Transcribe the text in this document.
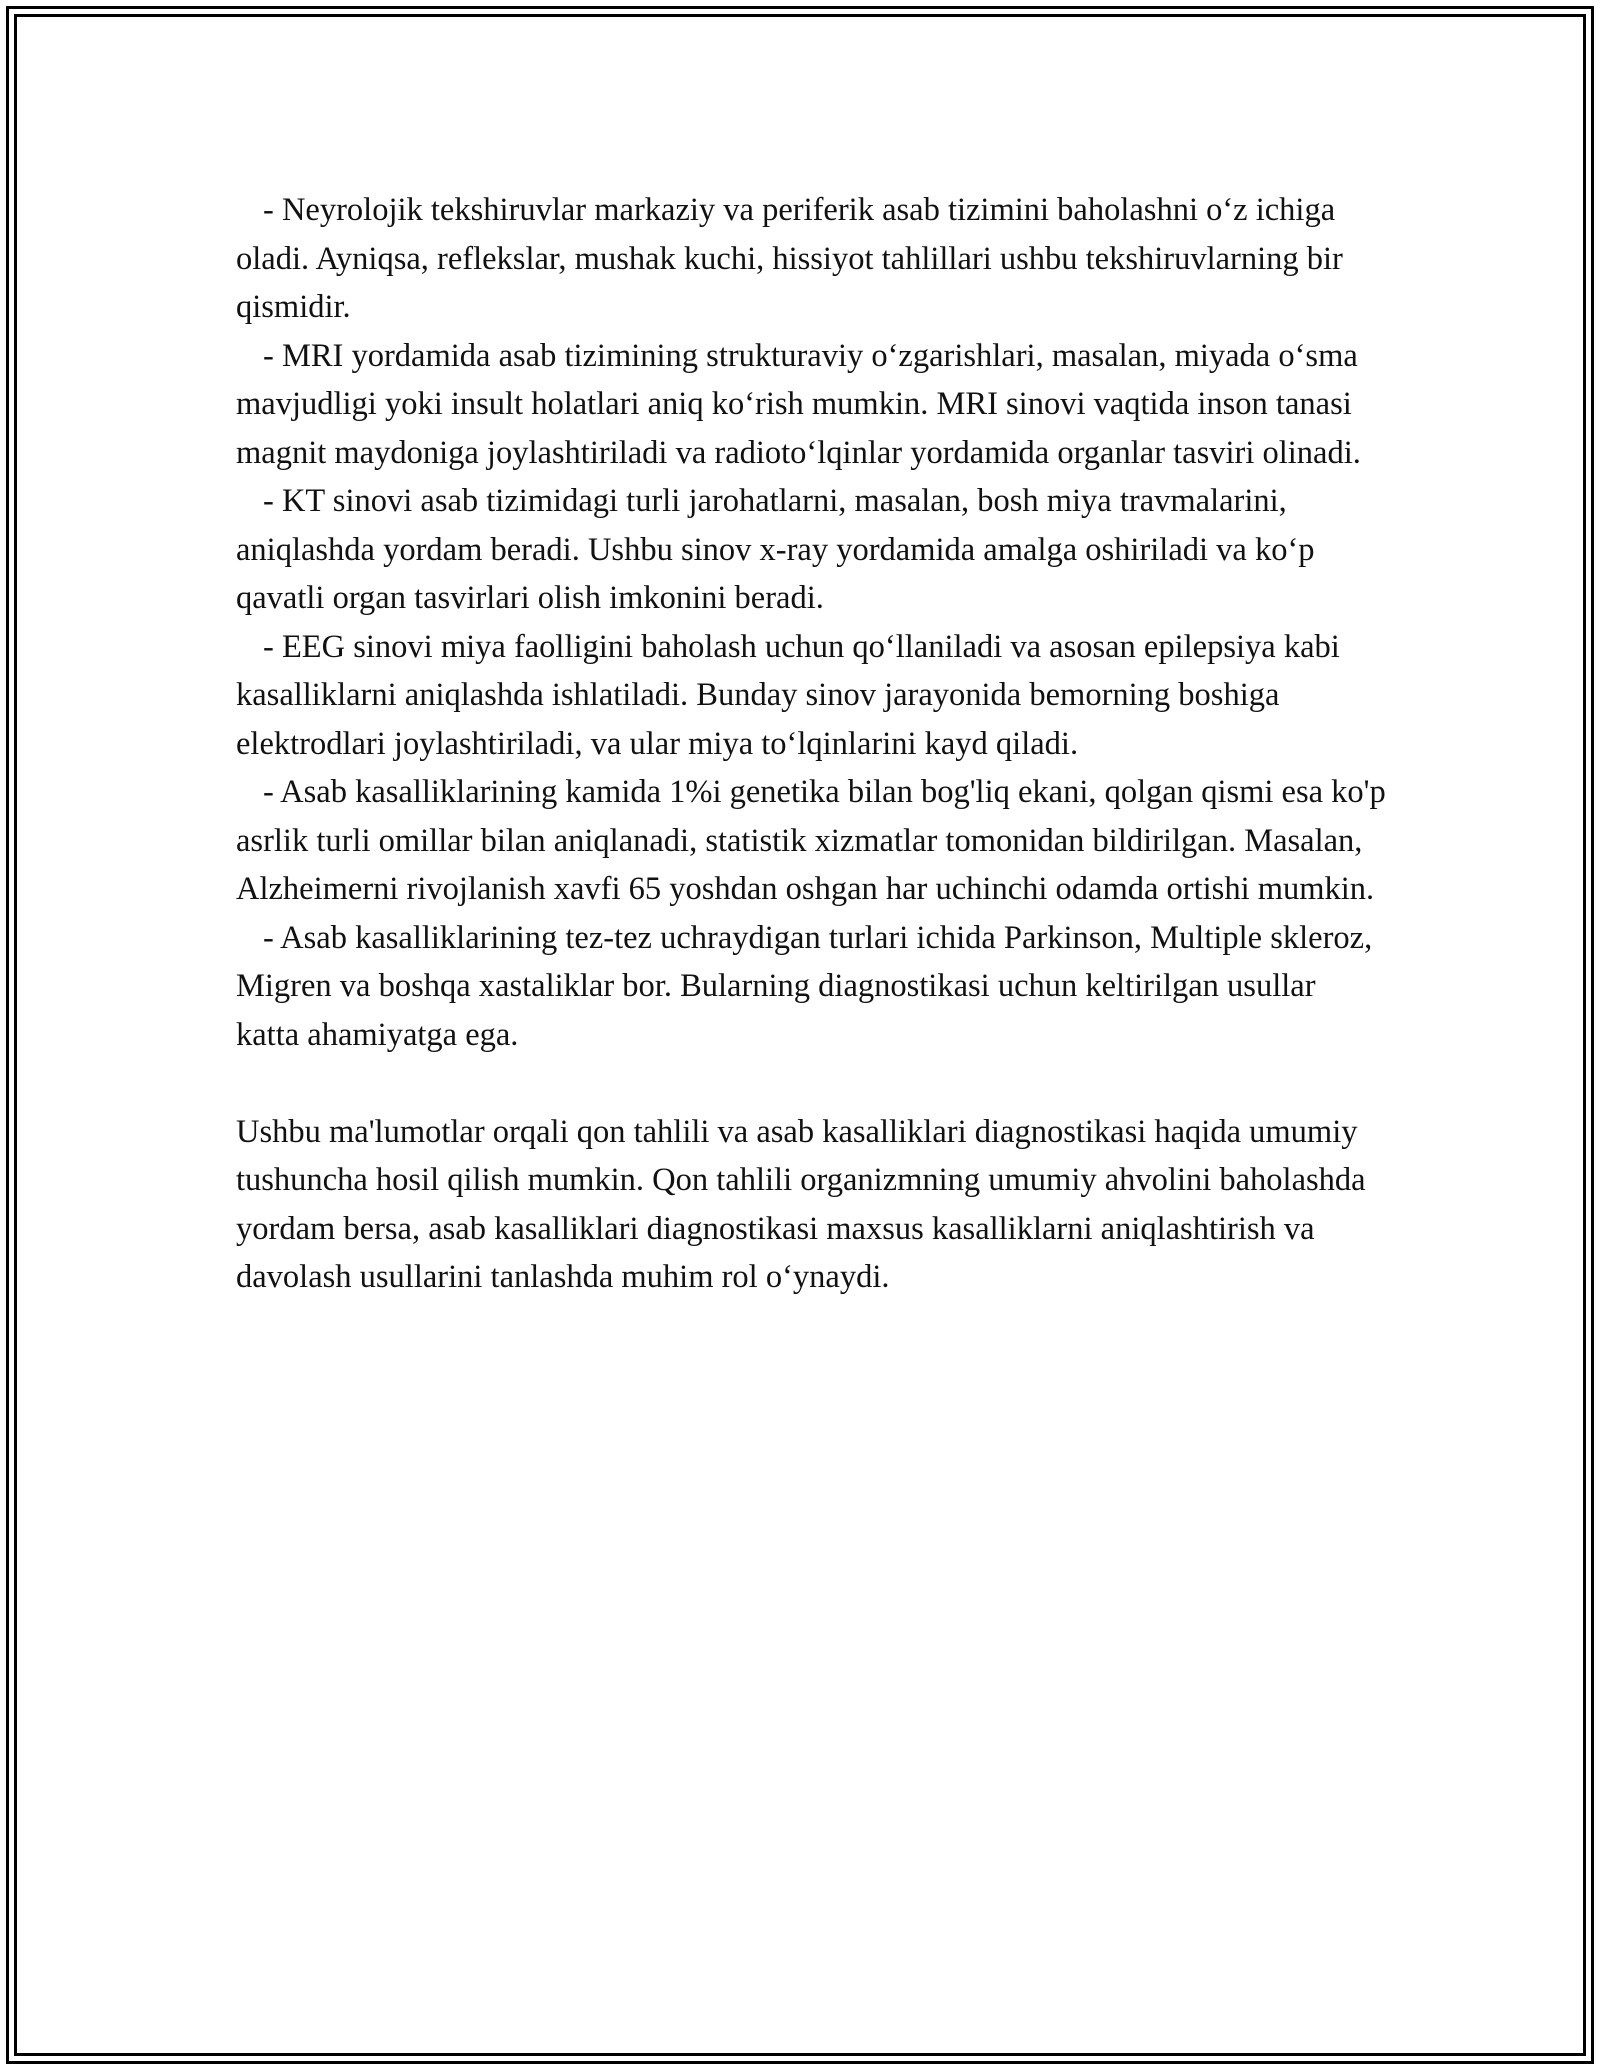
- Neyrolojik tekshiruvlar markaziy va periferik asab tizimini baholashni o‘z ichiga oladi. Ayniqsa, reflekslar, mushak kuchi, hissiyot tahlillari ushbu tekshiruvlarning bir qismidir.

- MRI yordamida asab tizimining strukturaviy o‘zgarishlari, masalan, miyada o‘sma mavjudligi yoki insult holatlari aniq ko‘rish mumkin. MRI sinovi vaqtida inson tanasi magnit maydoniga joylashtiriladi va radioto‘lqinlar yordamida organlar tasviri olinadi.

- KT sinovi asab tizimidagi turli jarohatlarni, masalan, bosh miya travmalarini, aniqlashda yordam beradi. Ushbu sinov x-ray yordamida amalga oshiriladi va ko‘p qavatli organ tasvirlari olish imkonini beradi.

- EEG sinovi miya faolligini baholash uchun qo‘llaniladi va asosan epilepsiya kabi kasalliklarni aniqlashda ishlatiladi. Bunday sinov jarayonida bemorning boshiga elektrodlari joylashtiriladi, va ular miya to‘lqinlarini kayd qiladi.

- Asab kasalliklarining kamida 1%i genetika bilan bog'liq ekani, qolgan qismi esa ko'p asrlik turli omillar bilan aniqlanadi, statistik xizmatlar tomonidan bildirilgan. Masalan, Alzheimerni rivojlanish xavfi 65 yoshdan oshgan har uchinchi odamda ortishi mumkin.

- Asab kasalliklarining tez-tez uchraydigan turlari ichida Parkinson, Multiple skleroz, Migren va boshqa xastaliklar bor. Bularning diagnostikasi uchun keltirilgan usullar katta ahamiyatga ega.

Ushbu ma'lumotlar orqali qon tahlili va asab kasalliklari diagnostikasi haqida umumiy tushuncha hosil qilish mumkin. Qon tahlili organizmning umumiy ahvolini baholashda yordam bersa, asab kasalliklari diagnostikasi maxsus kasalliklarni aniqlashtirish va davolash usullarini tanlashda muhim rol o‘ynaydi.
